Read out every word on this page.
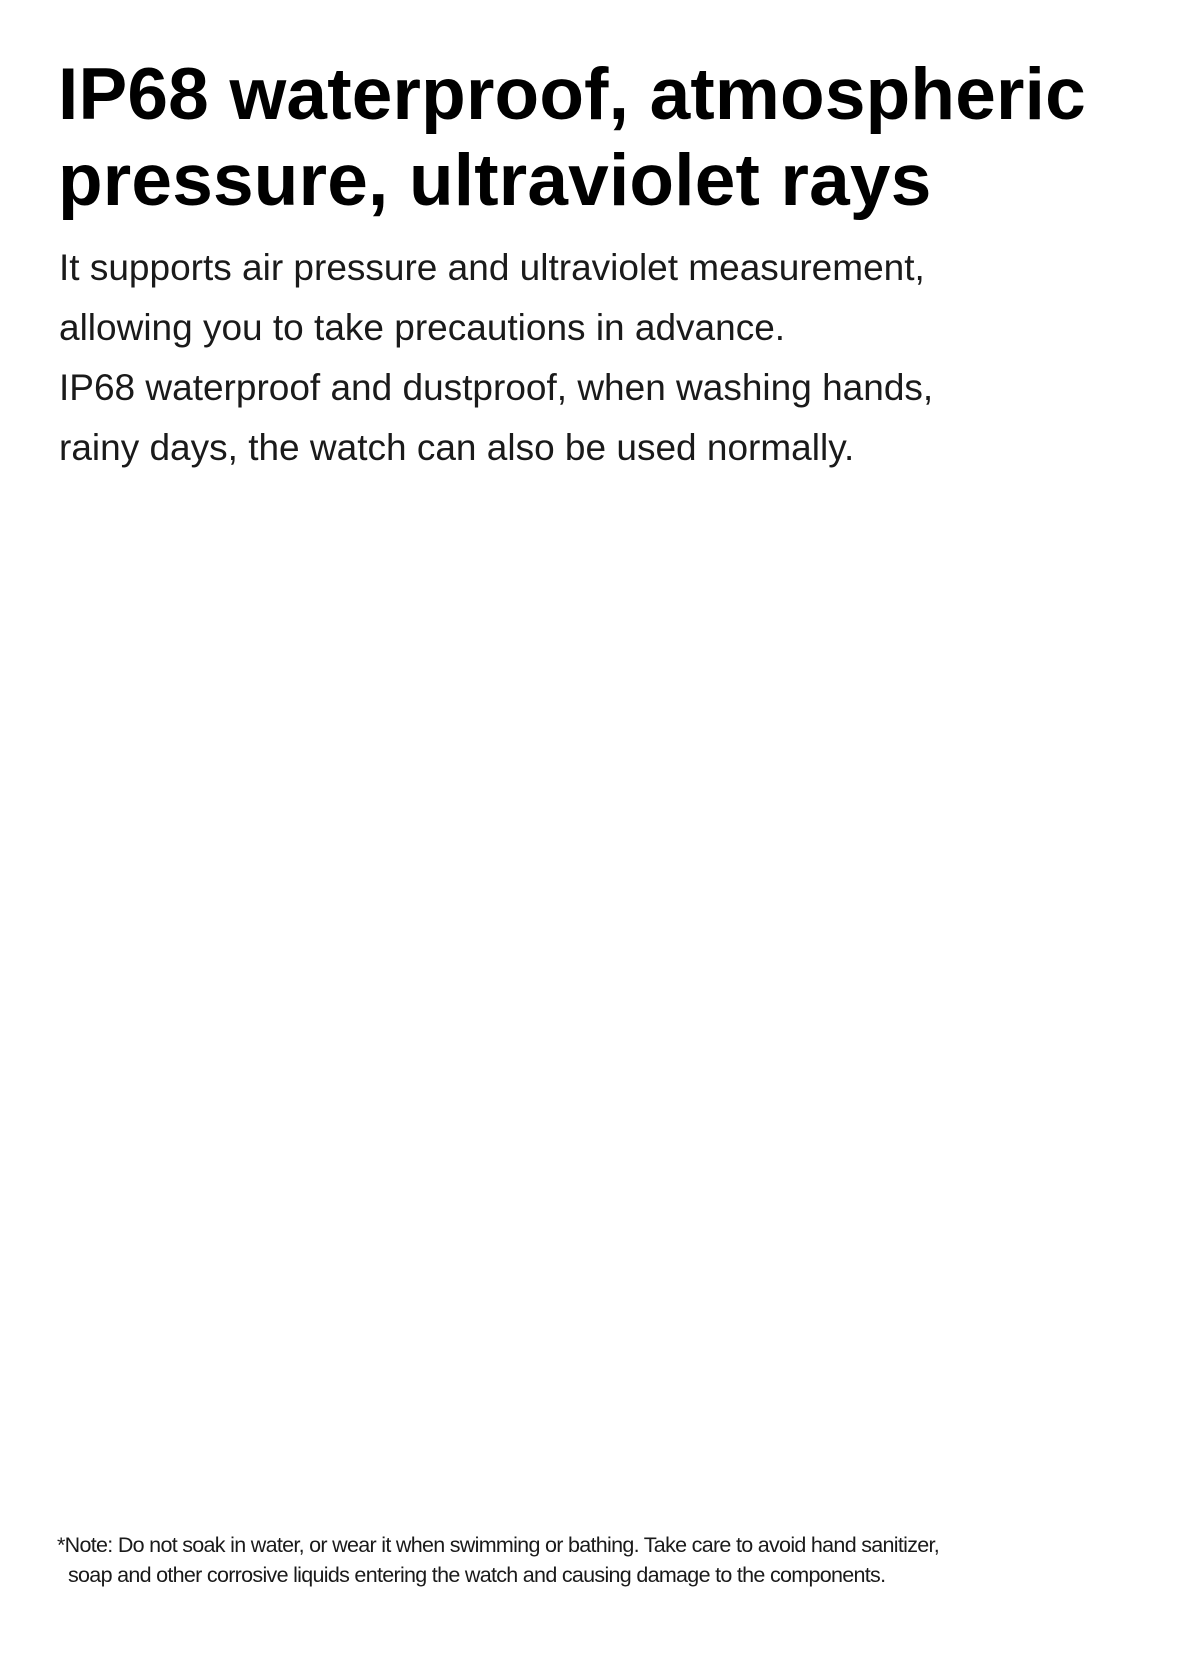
IP68 waterproof, atmospheric
pressure, ultraviolet rays
It supports air pressure and ultraviolet measurement,
allowing you to take precautions in advance.
IP68 waterproof and dustproof, when washing hands,
rainy days, the watch can also be used normally.
*Note: Do not soak in water, or wear it when swimming or bathing. Take care to avoid hand sanitizer,
soap and other corrosive liquids entering the watch and causing damage to the components.
